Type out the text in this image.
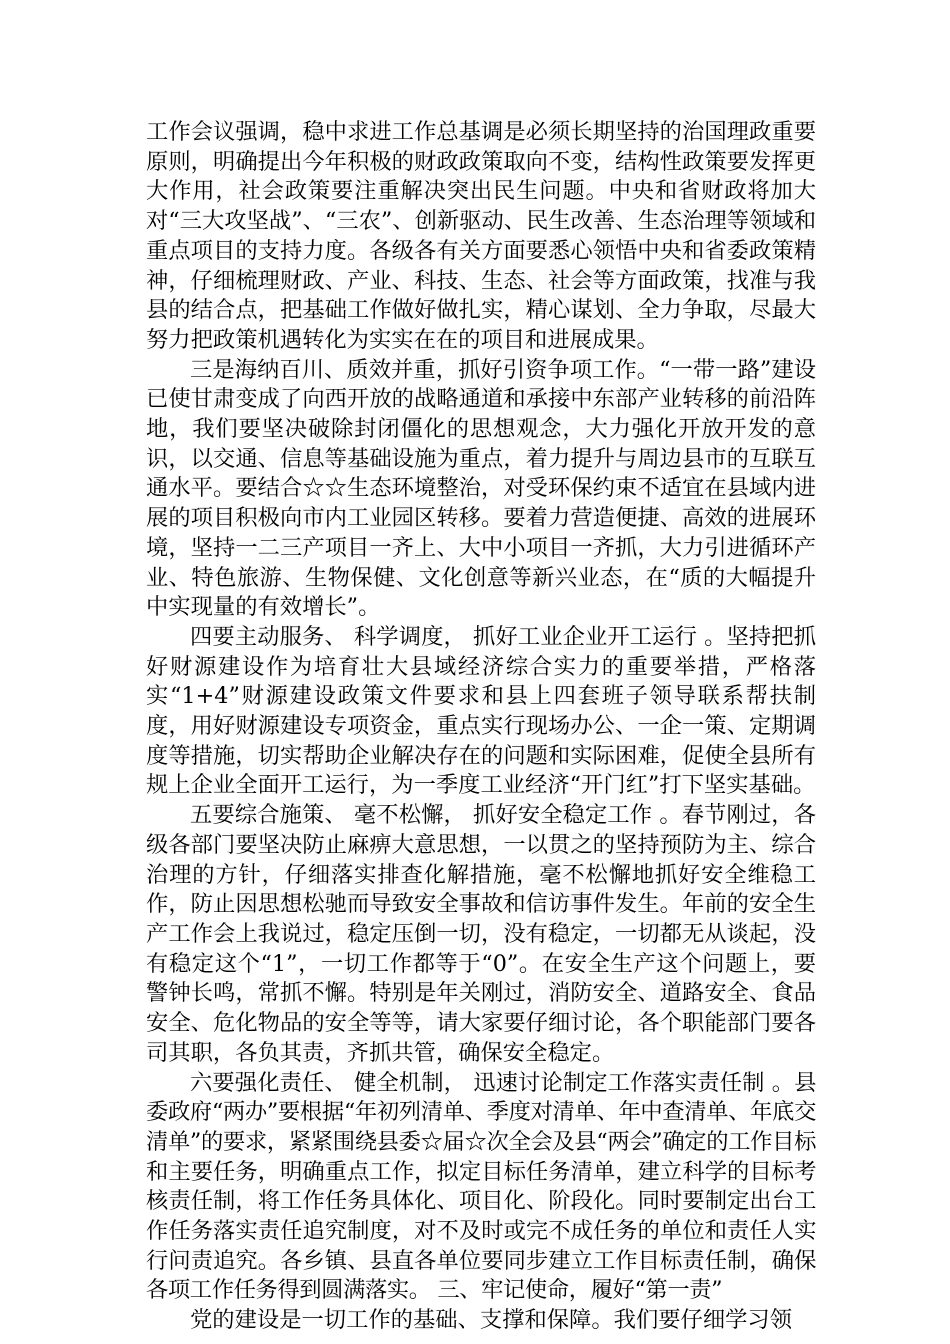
工作会议强调，稳中求进工作总基调是必须长期坚持的治国理政重要原则，明确提出今年积极的财政政策取向不变，结构性政策要发挥更大作用，社会政策要注重解决突出民生问题。中央和省财政将加大对“三大攻坚战”、“三农”、创新驱动、民生改善、生态治理等领域和重点项目的支持力度。各级各有关方面要悉心领悟中央和省委政策精神，仔细梳理财政、产业、科技、生态、社会等方面政策，找准与我县的结合点，把基础工作做好做扎实，精心谋划、全力争取，尽最大努力把政策机遇转化为实实在在的项目和进展成果。

三是海纳百川、质效并重，抓好引资争项工作。“一带一路”建设已使甘肃变成了向西开放的战略通道和承接中东部产业转移的前沿阵地，我们要坚决破除封闭僵化的思想观念，大力强化开放开发的意识，以交通、信息等基础设施为重点，着力提升与周边县市的互联互通水平。要结合☆☆生态环境整治，对受环保约束不适宜在县域内进展的项目积极向市内工业园区转移。要着力营造便捷、高效的进展环境，坚持一二三产项目一齐上、大中小项目一齐抓，大力引进循环产业、特色旅游、生物保健、文化创意等新兴业态，在“质的大幅提升中实现量的有效增长”。

四要主动服务、 科学调度， 抓好工业企业开工运行 。坚持把抓好财源建设作为培育壮大县域经济综合实力的重要举措，严格落实“1+4”财源建设政策文件要求和县上四套班子领导联系帮扶制度，用好财源建设专项资金，重点实行现场办公、一企一策、定期调度等措施，切实帮助企业解决存在的问题和实际困难，促使全县所有规上企业全面开工运行，为一季度工业经济“开门红”打下坚实基础。

五要综合施策、 毫不松懈， 抓好安全稳定工作 。春节刚过，各级各部门要坚决防止麻痹大意思想，一以贯之的坚持预防为主、综合治理的方针，仔细落实排查化解措施，毫不松懈地抓好安全维稳工作，防止因思想松驰而导致安全事故和信访事件发生。年前的安全生产工作会上我说过，稳定压倒一切，没有稳定，一切都无从谈起，没有稳定这个“1”，一切工作都等于“0”。在安全生产这个问题上，要警钟长鸣，常抓不懈。特别是年关刚过，消防安全、道路安全、食品安全、危化物品的安全等等，请大家要仔细讨论，各个职能部门要各司其职，各负其责，齐抓共管，确保安全稳定。

六要强化责任、 健全机制， 迅速讨论制定工作落实责任制 。县委政府“两办”要根据“年初列清单、季度对清单、年中查清单、年底交清单”的要求，紧紧围绕县委☆届☆次全会及县“两会”确定的工作目标和主要任务，明确重点工作，拟定目标任务清单，建立科学的目标考核责任制，将工作任务具体化、项目化、阶段化。同时要制定出台工作任务落实责任追究制度，对不及时或完不成任务的单位和责任人实行问责追究。各乡镇、县直各单位要同步建立工作目标责任制，确保各项工作任务得到圆满落实。 三、牢记使命，履好“第一责”

党的建设是一切工作的基础、支撑和保障。我们要仔细学习领
